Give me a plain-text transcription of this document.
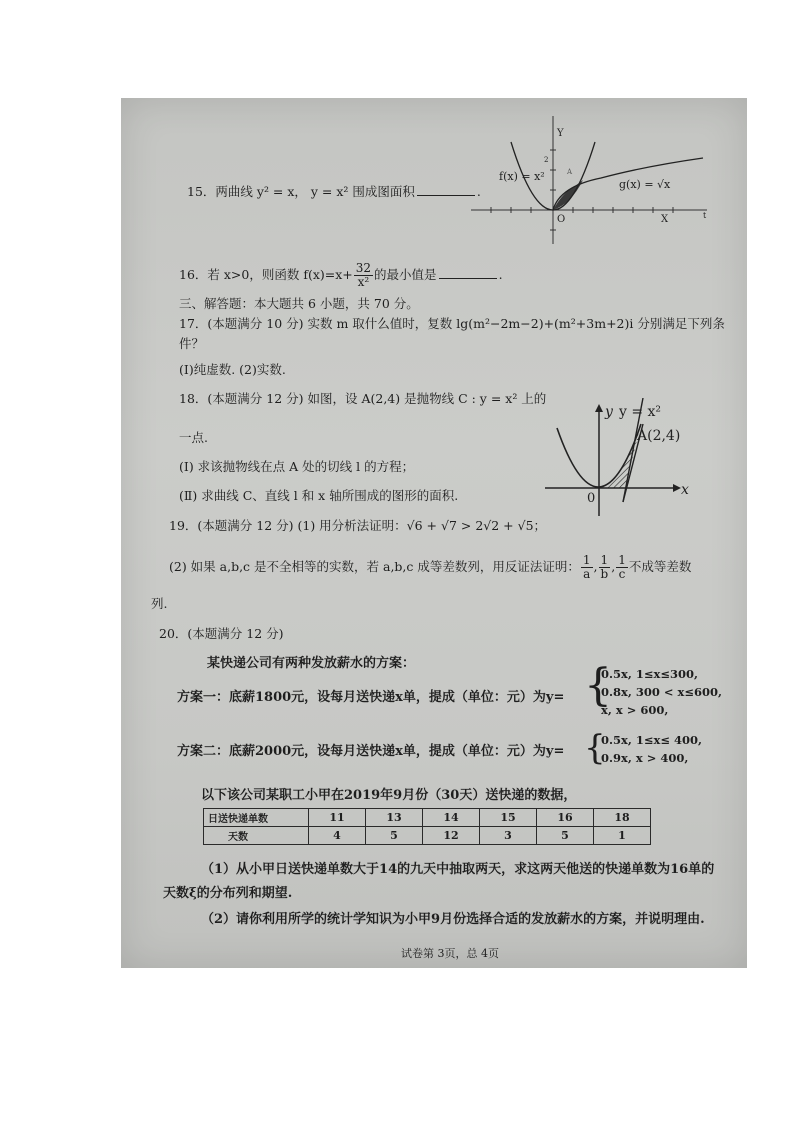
15．两曲线 y² = x， y = x² 围成图面积	.
Y
X	t
O
2
A
f(x) = x²
g(x) = √x
16．若 x>0，则函数 $f(x)=x+ \frac{32}{\text{x²}}$ 的最小值是	.
三、解答题：本大题共 6 小题，共 70 分。
17．(本题满分 10 分) 实数 m 取什么值时，复数 lg(m²−2m−2)+(m²+3m+2)i 分别满足下列条
件？
(I)纯虚数. (2)实数.
18．(本题满分 12 分) 如图，设 A(2,4) 是抛物线 C : y = x² 上的
一点.
(Ⅰ) 求该抛物线在点 A 处的切线 l 的方程；
(Ⅱ) 求曲线 C、直线 l 和 x 轴所围成的图形的面积.
y
x
0
y = x²
A(2,4)
19．(本题满分 12 分) (1) 用分析法证明：√6 + √7 > 2√2 + √5；
(2) 如果 a,b,c 是不全相等的实数，若 a,b,c 成等差数列，用反证法证明： $\frac{1}{a}$ , $\frac{1}{b}$ , $\frac{1}{c}$ 不成等差数
列.
20．(本题满分 12 分)
某快递公司有两种发放薪水的方案：
方案一：底薪1800元，设每月送快递x单，提成（单位：元）为y= {
0.5x, 1≤x≤300,
0.8x, 300 < x≤600,
x, x > 600,
方案二：底薪2000元，设每月送快递x单，提成（单位：元）为y= {
0.5x, 1≤x≤ 400,
0.9x, x > 400,
以下该公司某职工小甲在2019年9月份（30天）送快递的数据，
日送快递单数	11	13	14	15	16	18
天数	4	5	12	3	5	1
（1）从小甲日送快递单数大于14的九天中抽取两天，求这两天他送的快递单数为16单的
天数ξ的分布列和期望.
（2）请你利用所学的统计学知识为小甲9月份选择合适的发放薪水的方案，并说明理由.
试卷第 3页，总 4页
